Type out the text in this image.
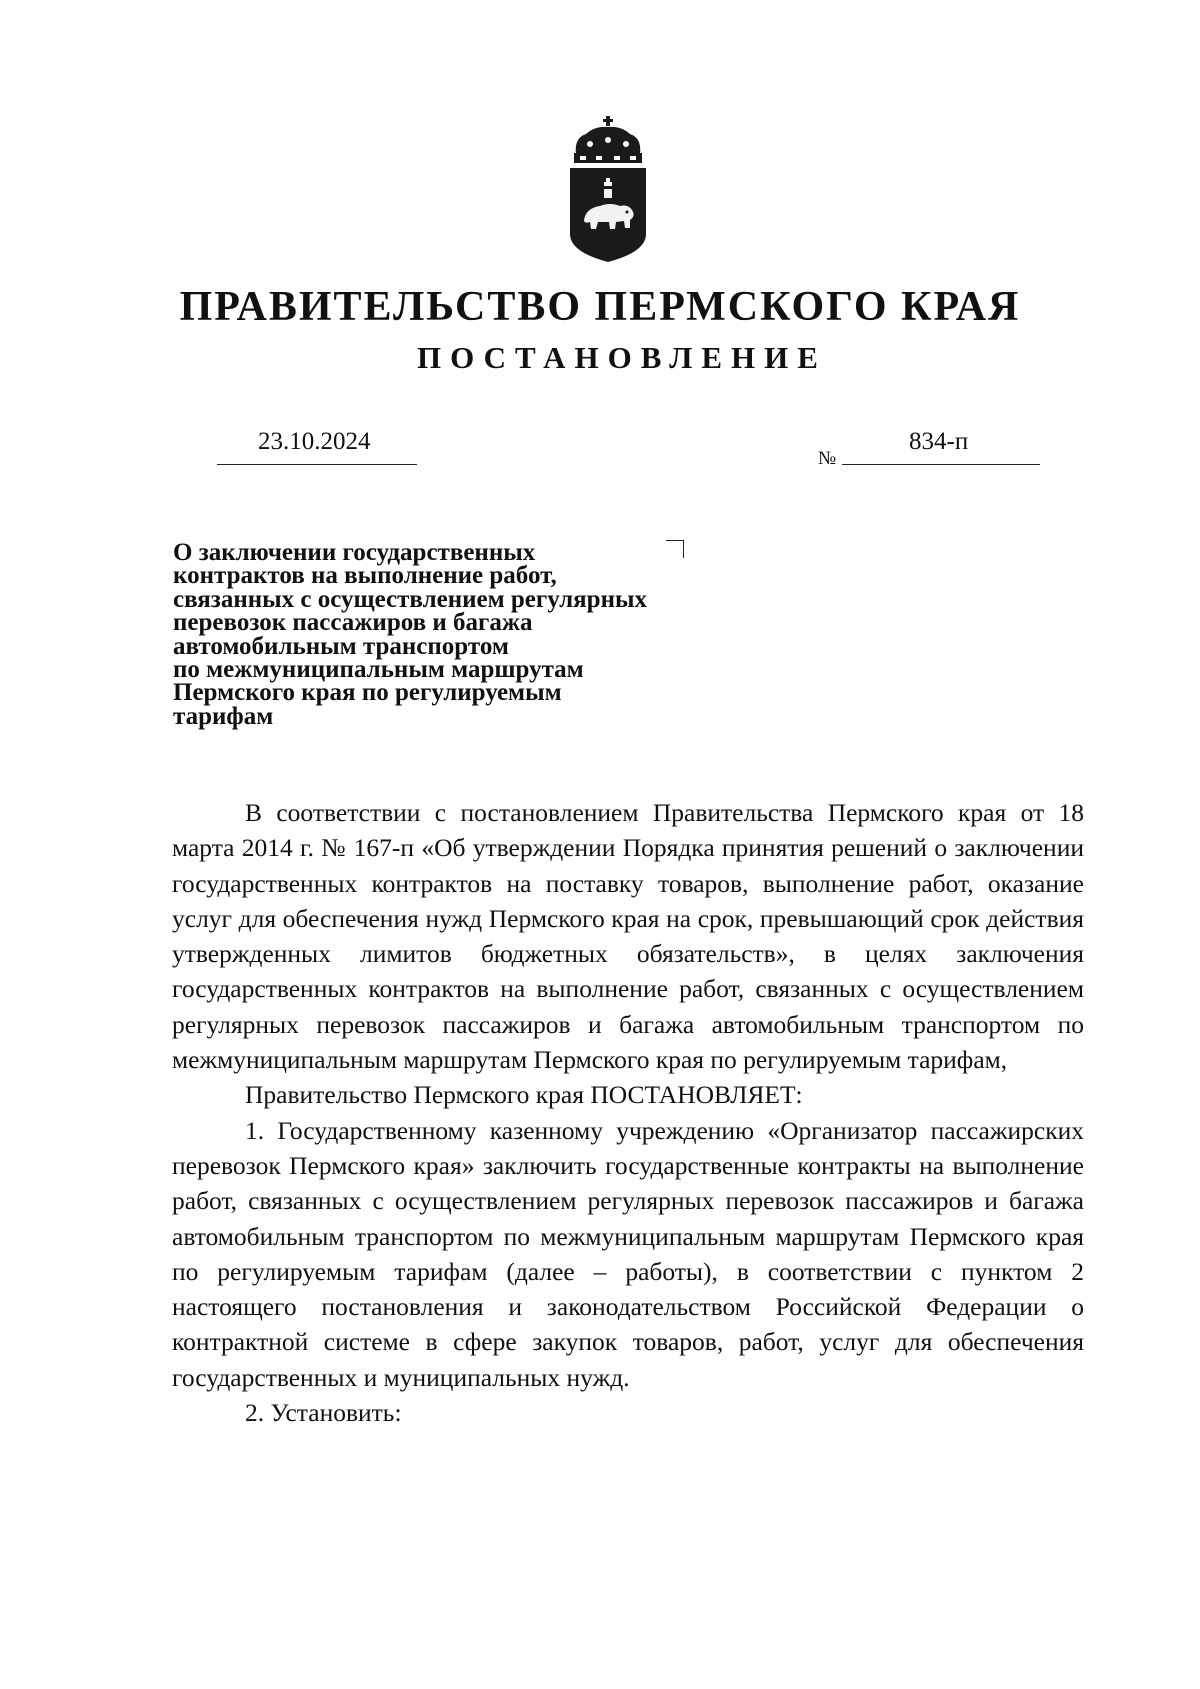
ПРАВИТЕЛЬСТВО ПЕРМСКОГО КРАЯ
ПОСТАНОВЛЕНИЕ
23.10.2024
№
834-п
О заключении государственных
контрактов на выполнение работ,
связанных с осуществлением регулярных
перевозок пассажиров и багажа
автомобильным транспортом
по межмуниципальным маршрутам
Пермского края по регулируемым
тарифам

В соответствии с постановлением Правительства Пермского края от 18 марта 2014 г. № 167-п «Об утверждении Порядка принятия решений о заключении государственных контрактов на поставку товаров, выполнение работ, оказание услуг для обеспечения нужд Пермского края на срок, превышающий срок действия утвержденных лимитов бюджетных обязательств», в целях заключения государственных контрактов на выполнение работ, связанных с осуществлением регулярных перевозок пассажиров и багажа автомобильным транспортом по межмуниципальным маршрутам Пермского края по регулируемым тарифам,

Правительство Пермского края ПОСТАНОВЛЯЕТ:

1. Государственному казенному учреждению «Организатор пассажирских перевозок Пермского края» заключить государственные контракты на выполнение работ, связанных с осуществлением регулярных перевозок пассажиров и багажа автомобильным транспортом по межмуниципальным маршрутам Пермского края по регулируемым тарифам (далее – работы), в соответствии с пунктом 2 настоящего постановления и законодательством Российской Федерации о контрактной системе в сфере закупок товаров, работ, услуг для обеспечения государственных и муниципальных нужд.

2. Установить:
